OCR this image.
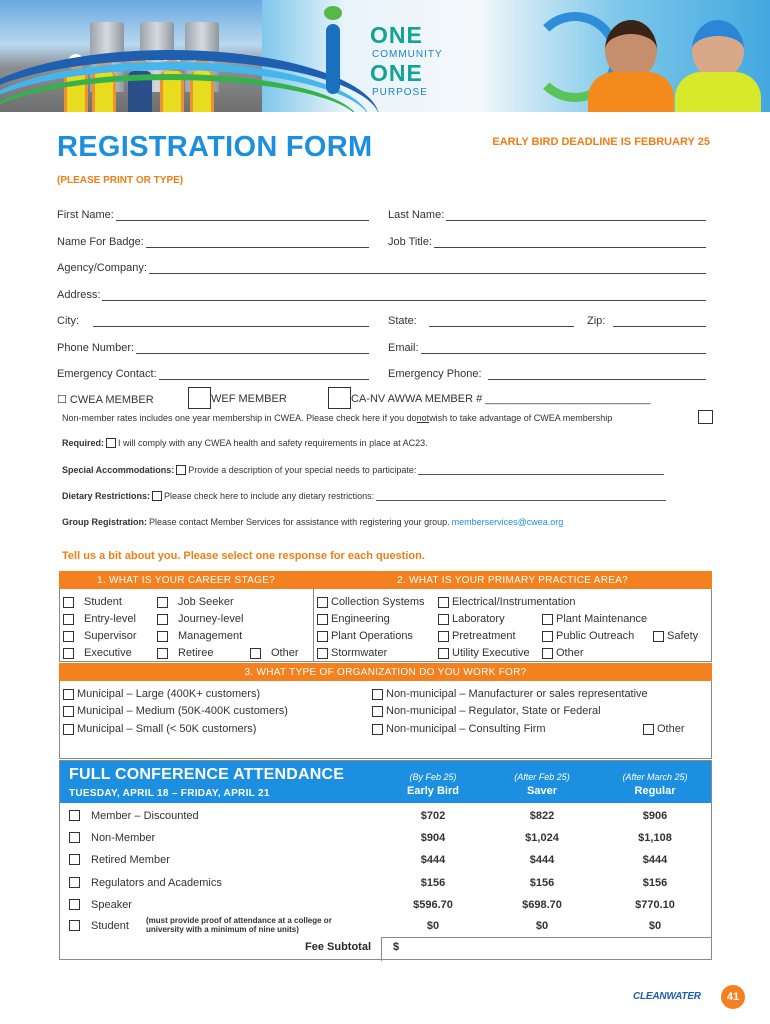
ONE
COMMUNITY
ONE
PURPOSE
REGISTRATION FORM	EARLY BIRD DEADLINE IS FEBRUARY 25
(PLEASE PRINT OR TYPE)
First Name:	Last Name:
Name For Badge:	Job Title:
Agency/Company:
Address:
City:	State:	Zip:
Phone Number:	Email:
Emergency Contact:	Emergency Phone:
☐ CWEA MEMBER	WEF MEMBER	CA-NV AWWA MEMBER # ___________________________
Non-member rates includes one year membership in CWEA. Please check here if you do not wish to take advantage of CWEA membership
Required: I will comply with any CWEA health and safety requirements in place at AC23.
Special Accommodations: Provide a description of your special needs to participate:
Dietary Restrictions: Please check here to include any dietary restrictions:
Group Registration: Please contact Member Services for assistance with registering your group. memberservices@cwea.org
Tell us a bit about you. Please select one response for each question.
1. WHAT IS YOUR CAREER STAGE?	2. WHAT IS YOUR PRIMARY PRACTICE AREA?
Student
Entry-level
Supervisor
Executive
Job Seeker
Journey-level
Management
Retiree	Other
Collection Systems
Engineering
Plant Operations
Stormwater
Electrical/Instrumentation
Laboratory
Pretreatment
Utility Executive
Plant Maintenance
Public Outreach
Other
Safety
3. WHAT TYPE OF ORGANIZATION DO YOU WORK FOR?
Municipal – Large (400K+ customers)
Municipal – Medium (50K-400K customers)
Municipal – Small (< 50K customers)
Non-municipal – Manufacturer or sales representative
Non-municipal – Regulator, State or Federal
Non-municipal – Consulting Firm	Other
FULL CONFERENCE ATTENDANCE
TUESDAY, APRIL 18 – FRIDAY, APRIL 21
(By Feb 25)
Early Bird
(After Feb 25)
Saver
(After March 25)
Regular
Member – Discounted	$702	$822	$906
Non-Member	$904	$1,024	$1,108
Retired Member	$444	$444	$444
Regulators and Academics	$156	$156	$156
Speaker	$596.70	$698.70	$770.10
Student (must provide proof of attendance at a college or university with a minimum of nine units)	$0	$0	$0
Fee Subtotal $
CLEANWATER	41
